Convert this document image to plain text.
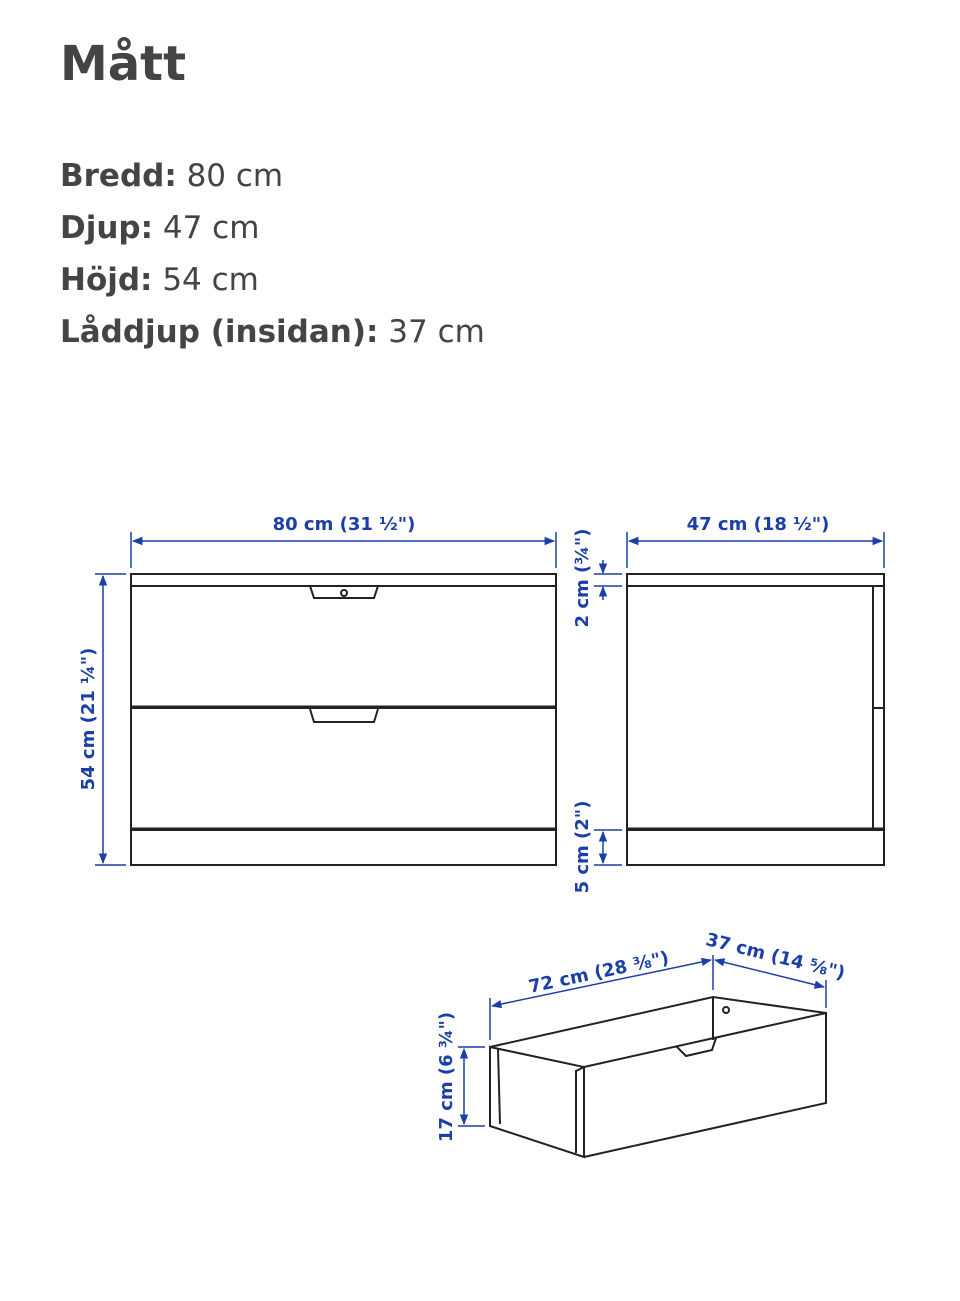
Mått
Bredd: 80 cm
Djup: 47 cm
Höjd: 54 cm
Låddjup (insidan): 37 cm
80 cm (31 ½")	47 cm (18 ½")
54 cm (21 ¼")
2 cm (¾")
5 cm (2")
72 cm (28 ⅜") 37 cm (14 ⅝")
17 cm (6 ¾")
